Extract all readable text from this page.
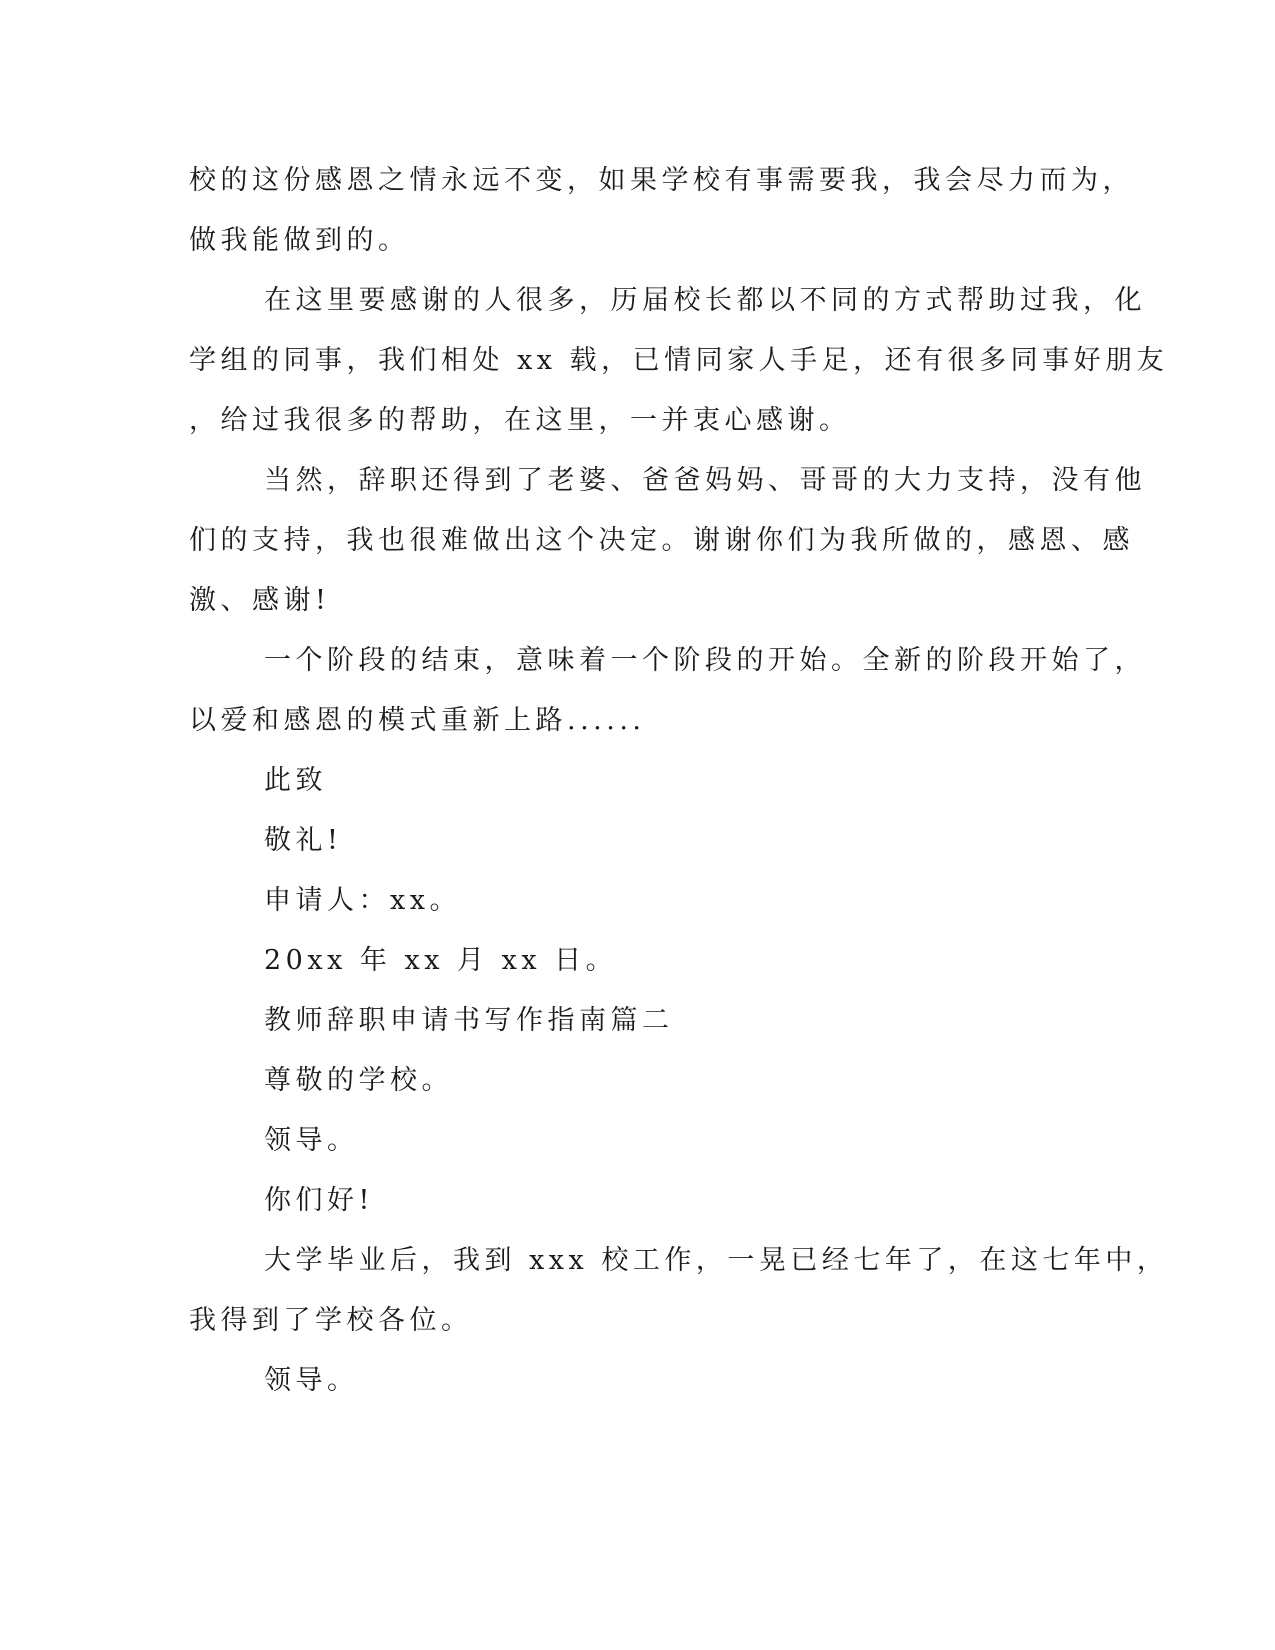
校的这份感恩之情永远不变，如果学校有事需要我，我会尽力而为，
做我能做到的。
在这里要感谢的人很多，历届校长都以不同的方式帮助过我，化
学组的同事，我们相处 xx 载，已情同家人手足，还有很多同事好朋友
，给过我很多的帮助，在这里，一并衷心感谢。
当然，辞职还得到了老婆、爸爸妈妈、哥哥的大力支持，没有他
们的支持，我也很难做出这个决定。谢谢你们为我所做的，感恩、感
激、感谢!
一个阶段的结束，意味着一个阶段的开始。全新的阶段开始了，
以爱和感恩的模式重新上路......
此致
敬礼!
申请人：xx。
20xx 年 xx 月 xx 日。
教师辞职申请书写作指南篇二
尊敬的学校。
领导。
你们好!
大学毕业后，我到 xxx 校工作，一晃已经七年了，在这七年中，
我得到了学校各位。
领导。
